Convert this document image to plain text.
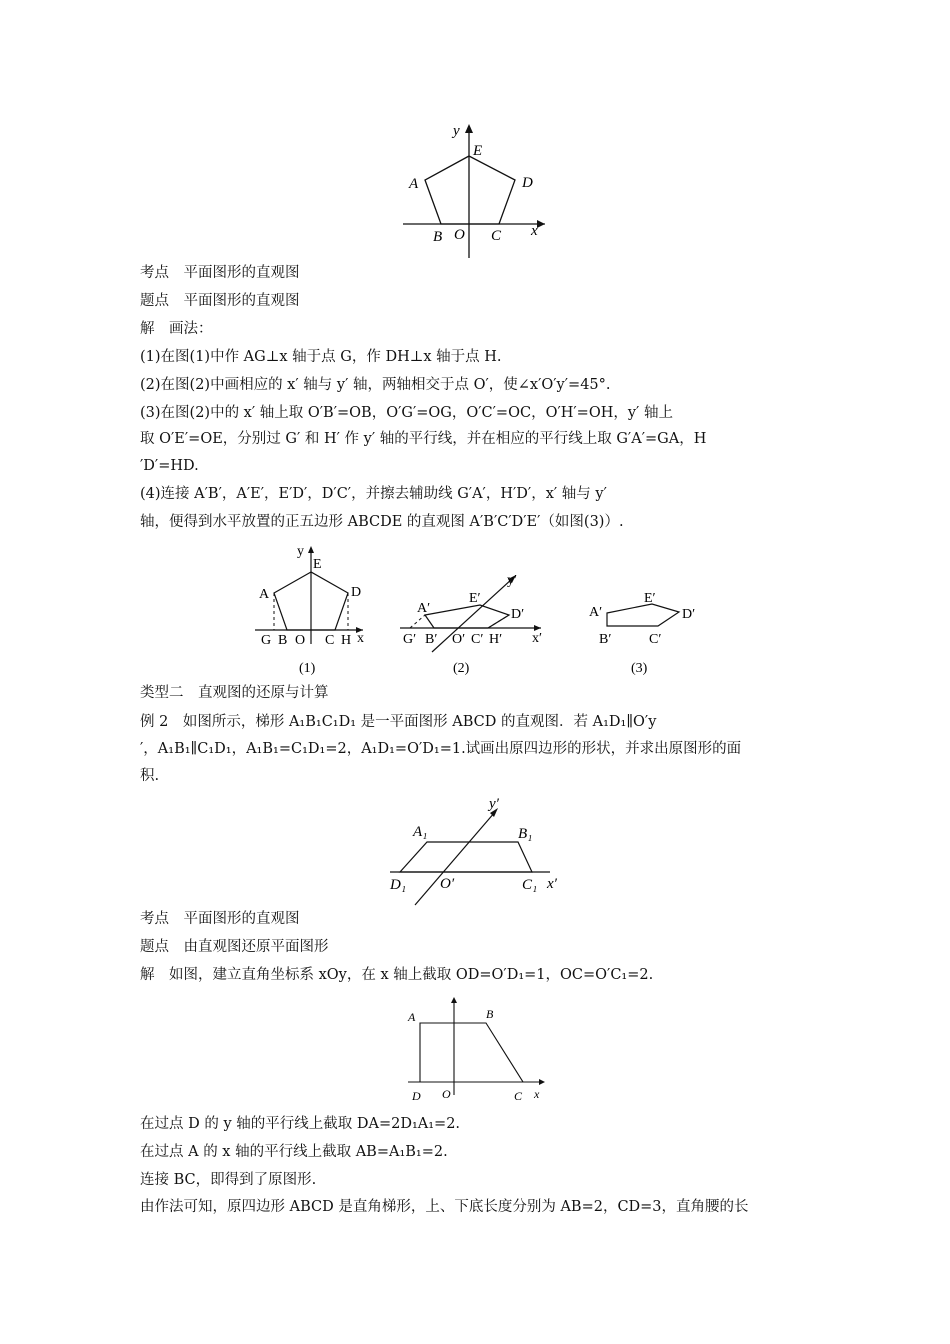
y
E
A	D
B O C x
考点　平面图形的直观图
题点　平面图形的直观图
解　画法：
(1)在图(1)中作 AG⊥x 轴于点 G，作 DH⊥x 轴于点 H.
(2)在图(2)中画相应的 x′ 轴与 y′ 轴，两轴相交于点 O′，使∠x′O′y′=45°.
(3)在图(2)中的 x′ 轴上取 O′B′=OB，O′G′=OG，O′C′=OC，O′H′=OH，y′ 轴上
取 O′E′=OE，分别过 G′ 和 H′ 作 y′ 轴的平行线，并在相应的平行线上取 G′A′=GA，H
′D′=HD.
(4)连接 A′B′，A′E′，E′D′，D′C′，并擦去辅助线 G′A′，H′D′，x′ 轴与 y′
轴，便得到水平放置的正五边形 ABCDE 的直观图 A′B′C′D′E′（如图(3)）.
y
E
A	D
G B O C H x
(1)
y′
E′
A′	D′
G′ B′ O′ C′ H′ x′
(2)
A′
E′
D′
B′	C′
(3)
类型二　直观图的还原与计算
例 2　如图所示，梯形 A₁B₁C₁D₁ 是一平面图形 ABCD 的直观图．若 A₁D₁∥O′y
′，A₁B₁∥C₁D₁，A₁B₁=C₁D₁=2，A₁D₁=O′D₁=1.试画出原四边形的形状，并求出原图形的面
积.
y′
A₁	B₁
D₁ O′	C₁ x′
考点　平面图形的直观图
题点　由直观图还原平面图形
解　如图，建立直角坐标系 xOy，在 x 轴上截取 OD=O′D₁=1，OC=O′C₁=2.
A	B
D O	C x
在过点 D 的 y 轴的平行线上截取 DA=2D₁A₁=2.
在过点 A 的 x 轴的平行线上截取 AB=A₁B₁=2.
连接 BC，即得到了原图形.
由作法可知，原四边形 ABCD 是直角梯形，上、下底长度分别为 AB=2，CD=3，直角腰的长
